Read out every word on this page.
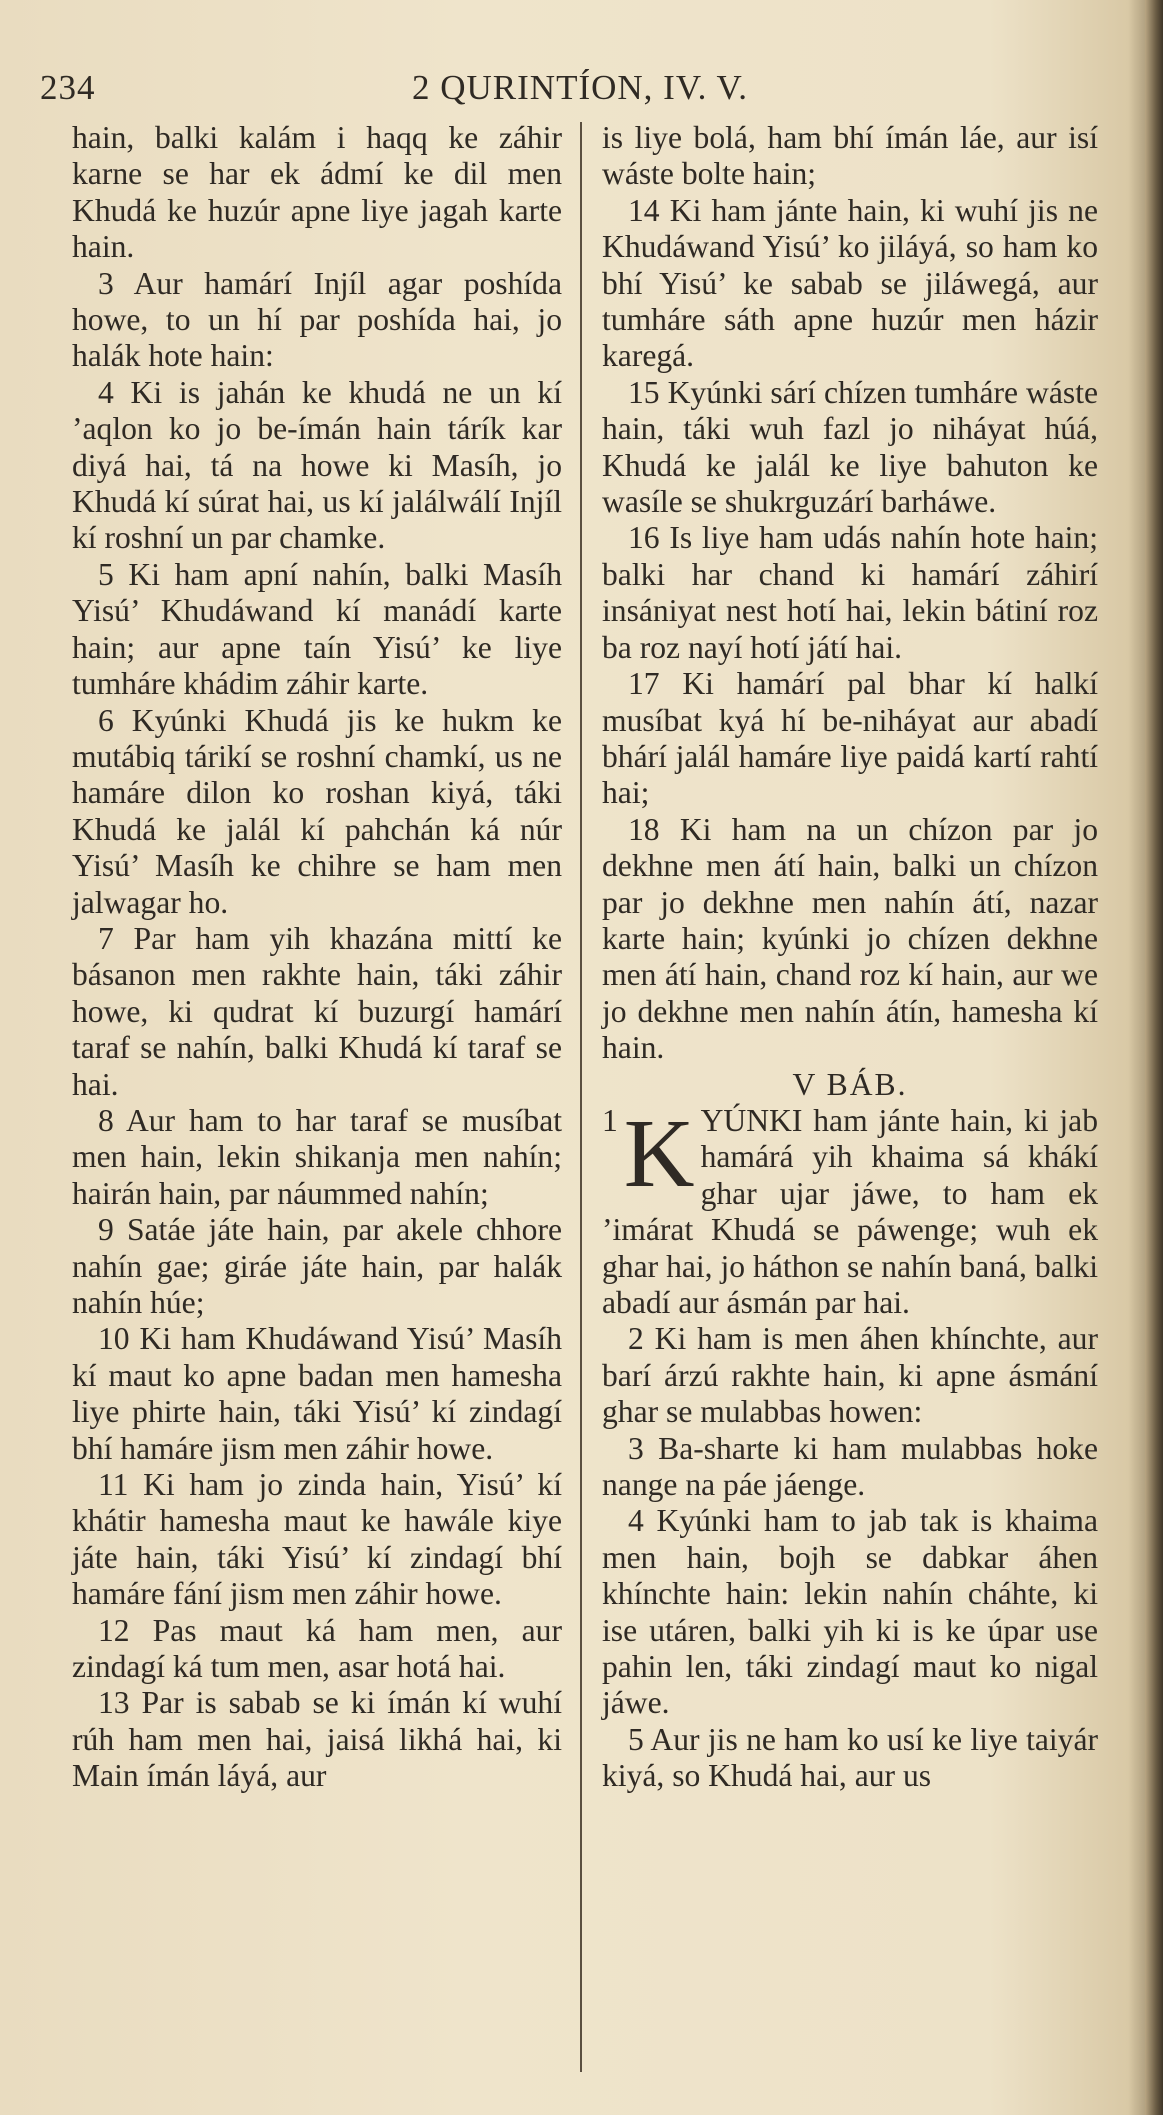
234	2 QURINTÍON, IV. V.

hain, balki kalám i haqq ke záhir karne se har ek ádmí ke dil men Khudá ke huzúr apne liye jagah karte hain.

3 Aur hamárí Injíl agar poshída howe, to un hí par poshída hai, jo halák hote hain:

4 Ki is jahán ke khudá ne un kí ’aqlon ko jo be-ímán hain tárík kar diyá hai, tá na howe ki Masíh, jo Khudá kí súrat hai, us kí jalálwálí Injíl kí roshní un par chamke.

5 Ki ham apní nahín, balki Masíh Yisú’ Khudáwand kí manádí karte hain; aur apne taín Yisú’ ke liye tumháre khádim záhir karte.

6 Kyúnki Khudá jis ke hukm ke mutábiq tárikí se roshní chamkí, us ne hamáre dilon ko roshan kiyá, táki Khudá ke jalál kí pahchán ká núr Yisú’ Masíh ke chihre se ham men jalwagar ho.

7 Par ham yih khazána mittí ke básanon men rakhte hain, táki záhir howe, ki qudrat kí buzurgí hamárí taraf se nahín, balki Khudá kí taraf se hai.

8 Aur ham to har taraf se musíbat men hain, lekin shikanja men nahín; hairán hain, par náummed nahín;

9 Satáe játe hain, par akele chhore nahín gae; giráe játe hain, par halák nahín húe;

10 Ki ham Khudáwand Yisú’ Masíh kí maut ko apne badan men hamesha liye phirte hain, táki Yisú’ kí zindagí bhí hamáre jism men záhir howe.

11 Ki ham jo zinda hain, Yisú’ kí khátir hamesha maut ke hawále kiye játe hain, táki Yisú’ kí zindagí bhí hamáre fání jism men záhir howe.

12 Pas maut ká ham men, aur zindagí ká tum men, asar hotá hai.

13 Par is sabab se ki ímán kí wuhí rúh ham men hai, jaisá likhá hai, ki Main ímán láyá, aur

is liye bolá, ham bhí ímán láe, aur isí wáste bolte hain;

14 Ki ham jánte hain, ki wuhí jis ne Khudáwand Yisú’ ko jiláyá, so ham ko bhí Yisú’ ke sabab se jiláwegá, aur tumháre sáth apne huzúr men házir karegá.

15 Kyúnki sárí chízen tumháre wáste hain, táki wuh fazl jo niháyat húá, Khudá ke jalál ke liye bahuton ke wasíle se shukrguzárí barháwe.

16 Is liye ham udás nahín hote hain; balki har chand ki hamárí záhirí insániyat nest hotí hai, lekin bátiní roz ba roz nayí hotí játí hai.

17 Ki hamárí pal bhar kí halkí musíbat kyá hí be-niháyat aur abadí bhárí jalál hamáre liye paidá kartí rahtí hai;

18 Ki ham na un chízon par jo dekhne men átí hain, balki un chízon par jo dekhne men nahín átí, nazar karte hain; kyúnki jo chízen dekhne men átí hain, chand roz kí hain, aur we jo dekhne men nahín átín, hamesha kí hain.

V BÁB.

1 K YÚNKI ham jánte hain, ki jab hamárá yih khaima sá khákí ghar ujar jáwe, to ham ek ’imárat Khudá se páwenge; wuh ek ghar hai, jo háthon se nahín baná, balki abadí aur ásmán par hai.

2 Ki ham is men áhen khínchte, aur barí árzú rakhte hain, ki apne ásmání ghar se mulabbas howen:

3 Ba-sharte ki ham mulabbas hoke nange na páe jáenge.

4 Kyúnki ham to jab tak is khaima men hain, bojh se dabkar áhen khínchte hain: lekin nahín cháhte, ki ise utáren, balki yih ki is ke úpar use pahin len, táki zindagí maut ko nigal jáwe.

5 Aur jis ne ham ko usí ke liye taiyár kiyá, so Khudá hai, aur us
